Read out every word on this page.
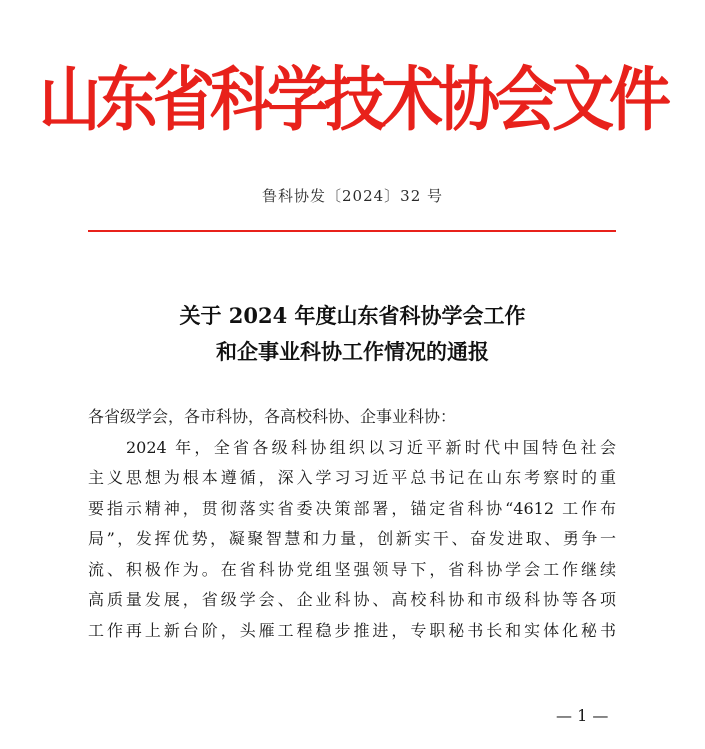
山东省科学技术协会文件
鲁科协发〔2024〕32 号
关于 2024 年度山东省科协学会工作
和企事业科协工作情况的通报
各省级学会，各市科协，各高校科协、企事业科协：
2024 年，全省各级科协组织以习近平新时代中国特色社会
主义思想为根本遵循，深入学习习近平总书记在山东考察时的重
要指示精神，贯彻落实省委决策部署，锚定省科协“4612 工作布
局”，发挥优势，凝聚智慧和力量，创新实干、奋发进取、勇争一
流、积极作为。在省科协党组坚强领导下，省科协学会工作继续
高质量发展，省级学会、企业科协、高校科协和市级科协等各项
工作再上新台阶，头雁工程稳步推进，专职秘书长和实体化秘书
— 1 —
